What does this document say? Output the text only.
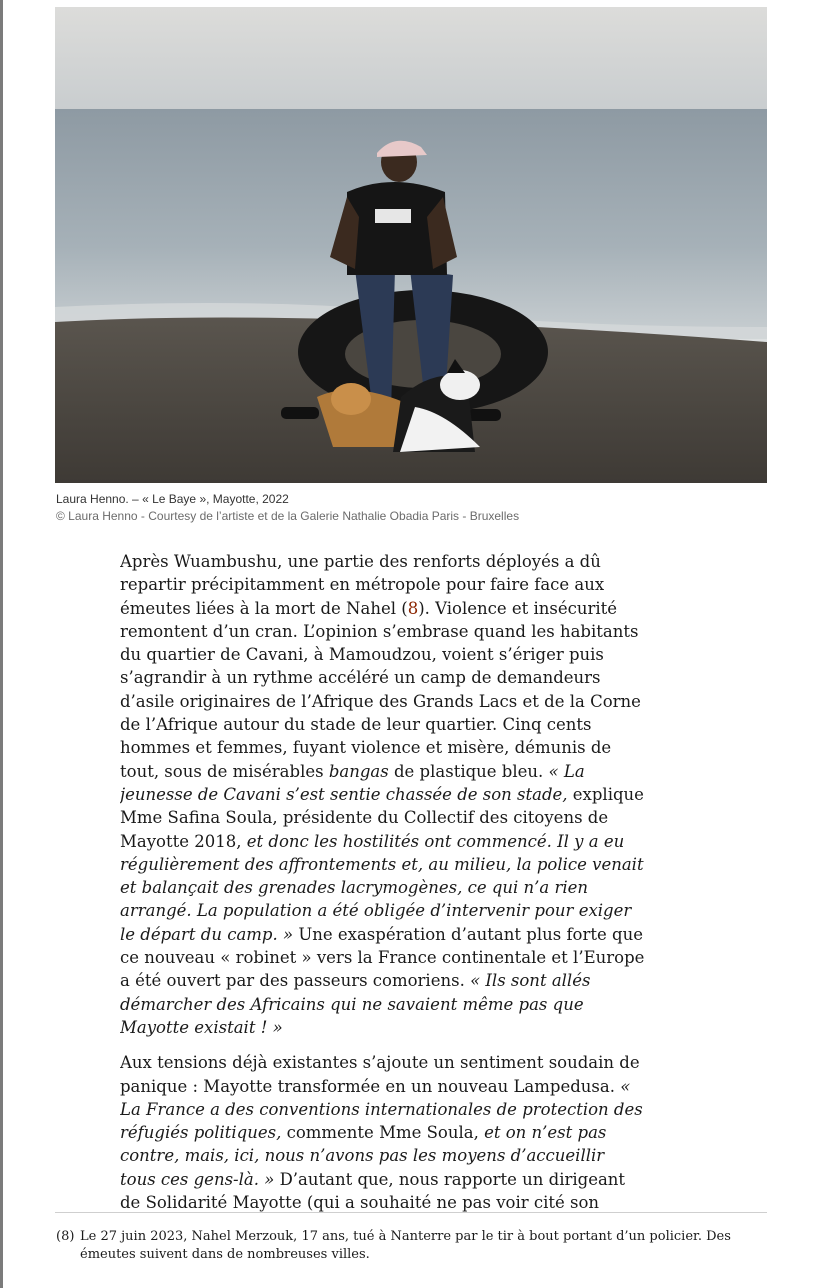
Laura Henno. – « Le Baye », Mayotte, 2022
© Laura Henno - Courtesy de l’artiste et de la Galerie Nathalie Obadia Paris - Bruxelles

Après Wuambushu, une partie des renforts déployés a dû repartir précipitamment en métropole pour faire face aux émeutes liées à la mort de Nahel (8). Violence et insécurité remontent d’un cran. L’opinion s’embrase quand les habitants du quartier de Cavani, à Mamoudzou, voient s’ériger puis s’agrandir à un rythme accéléré un camp de demandeurs d’asile originaires de l’Afrique des Grands Lacs et de la Corne de l’Afrique autour du stade de leur quartier. Cinq cents hommes et femmes, fuyant violence et misère, démunis de tout, sous de misérables bangas de plastique bleu. « La jeunesse de Cavani s’est sentie chassée de son stade, explique Mme Safina Soula, présidente du Collectif des citoyens de Mayotte 2018, et donc les hostilités ont commencé. Il y a eu régulièrement des affrontements et, au milieu, la police venait et balançait des grenades lacrymogènes, ce qui n’a rien arrangé. La population a été obligée d’intervenir pour exiger le départ du camp. » Une exaspération d’autant plus forte que ce nouveau « robinet » vers la France continentale et l’Europe a été ouvert par des passeurs comoriens. « Ils sont allés démarcher des Africains qui ne savaient même pas que Mayotte existait ! »

Aux tensions déjà existantes s’ajoute un sentiment soudain de panique : Mayotte transformée en un nouveau Lampedusa. « La France a des conventions internationales de protection des réfugiés politiques, commente Mme Soula, et on n’est pas contre, mais, ici, nous n’avons pas les moyens d’accueillir tous ces gens-là. » D’autant que, nous rapporte un dirigeant de Solidarité Mayotte (qui a souhaité ne pas voir cité son

(8) Le 27 juin 2023, Nahel Merzouk, 17 ans, tué à Nanterre par le tir à bout portant d’un policier. Des émeutes suivent dans de nombreuses villes.
